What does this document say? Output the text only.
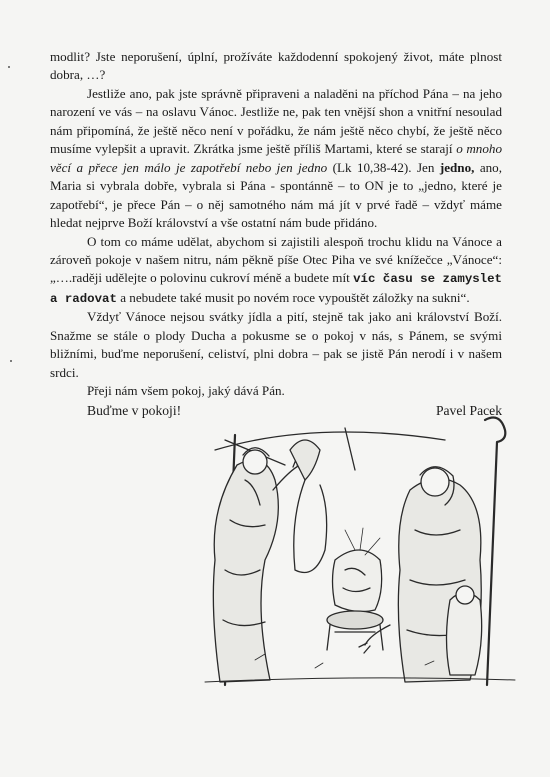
modlit? Jste neporušení, úplní, prožíváte každodenní spokojený život, máte plnost dobra, …?

Jestliže ano, pak jste správně připraveni a naladěni na příchod Pána – na jeho narození ve vás – na oslavu Vánoc. Jestliže ne, pak ten vnější shon a vnitřní nesoulad nám připomíná, že ještě něco není v pořádku, že nám ještě něco chybí, že ještě něco musíme vylepšit a upravit. Zkrátka jsme ještě příliš Martami, které se starají o mnoho věcí a přece jen málo je zapotřebí nebo jen jedno (Lk 10,38-42). Jen jedno, ano, Maria si vybrala dobře, vybrala si Pána - spontánně – to ON je to „jedno, které je zapotřebí“, je přece Pán – o něj samotného nám má jít v prvé řadě – vždyť máme hledat nejprve Boží království a vše ostatní nám bude přidáno.

O tom co máme udělat, abychom si zajistili alespoň trochu klidu na Vánoce a zároveň pokoje v našem nitru, nám pěkně píše Otec Piha ve své knížečce „Vánoce“: „….raději udělejte o polovinu cukroví méně a budete mít víc času se zamyslet a radovat a nebudete také musit po novém roce vypouštět záložky na sukni“.

Vždyť Vánoce nejsou svátky jídla a pití, stejně tak jako ani království Boží. Snažme se stále o plody Ducha a pokusme se o pokoj v nás, s Pánem, se svými bližními, buďme neporušení, celiství, plni dobra – pak se jistě Pán nerodí i v našem srdci.

Přeji nám všem pokoj, jaký dává Pán.

Buďme v pokoji!	Pavel Pacek
